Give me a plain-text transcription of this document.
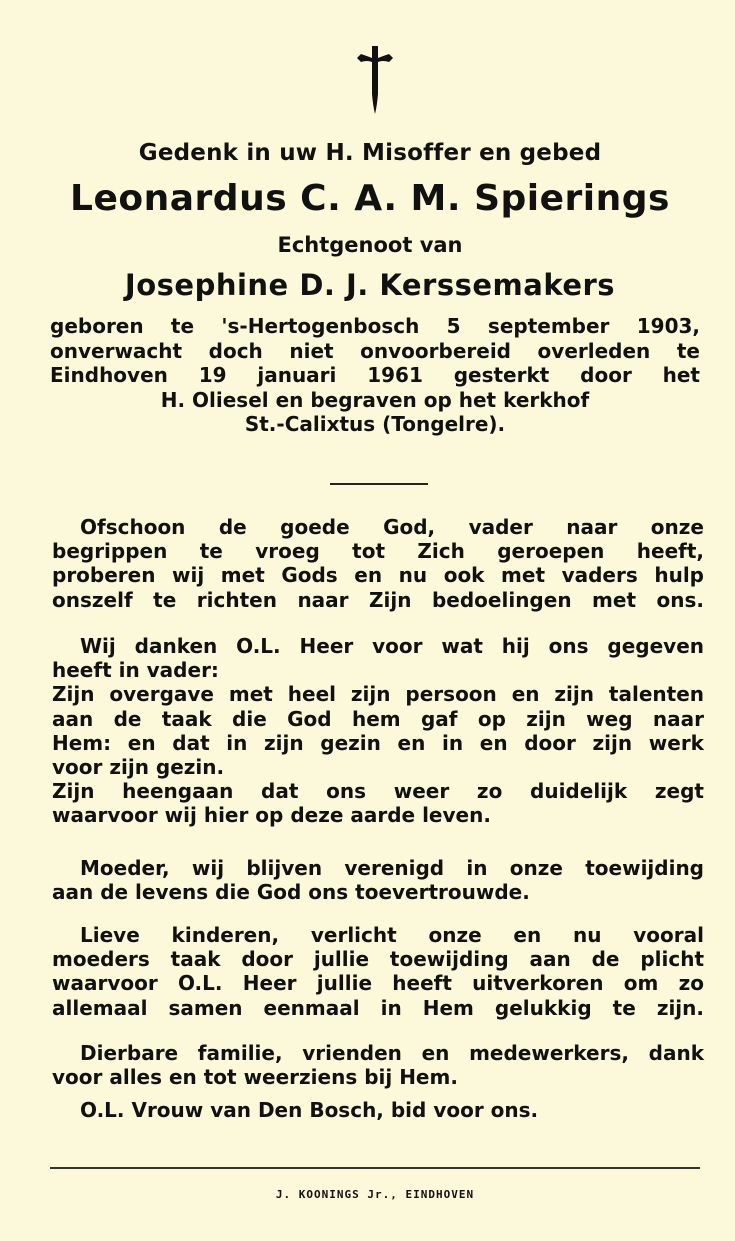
Gedenk in uw H. Misoffer en gebed
Leonardus C. A. M. Spierings
Echtgenoot van
Josephine D. J. Kerssemakers
geboren te 's-Hertogenbosch 5 september 1903,
onverwacht doch niet onvoorbereid overleden te
Eindhoven 19 januari 1961 gesterkt door het
H. Oliesel en begraven op het kerkhof
St.-Calixtus (Tongelre).
Ofschoon de goede God, vader naar onze
begrippen te vroeg tot Zich geroepen heeft,
proberen wij met Gods en nu ook met vaders hulp
onszelf te richten naar Zijn bedoelingen met ons.
Wij danken O.L. Heer voor wat hij ons gegeven
heeft in vader:
Zijn overgave met heel zijn persoon en zijn talenten
aan de taak die God hem gaf op zijn weg naar
Hem: en dat in zijn gezin en in en door zijn werk
voor zijn gezin.
Zijn heengaan dat ons weer zo duidelijk zegt
waarvoor wij hier op deze aarde leven.
Moeder, wij blijven verenigd in onze toewijding
aan de levens die God ons toevertrouwde.
Lieve kinderen, verlicht onze en nu vooral
moeders taak door jullie toewijding aan de plicht
waarvoor O.L. Heer jullie heeft uitverkoren om zo
allemaal samen eenmaal in Hem gelukkig te zijn.
Dierbare familie, vrienden en medewerkers, dank
voor alles en tot weerziens bij Hem.
O.L. Vrouw van Den Bosch, bid voor ons.
J. KOONINGS Jr., EINDHOVEN
